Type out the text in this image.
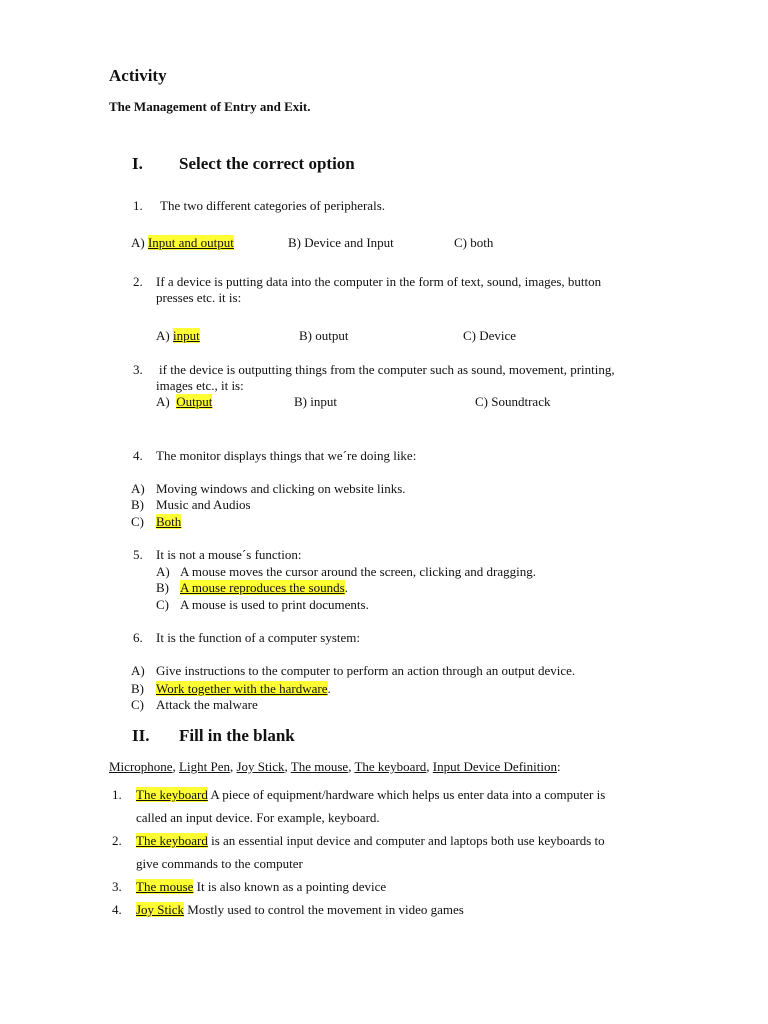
Activity
The Management of Entry and Exit.
I. Select the correct option
1. The two different categories of peripherals.
A) Input and output	B) Device and Input	C) both
2. If a device is putting data into the computer in the form of text, sound, images, button
presses etc. it is:
A) input	B) output	C) Device
3. if the device is outputting things from the computer such as sound, movement, printing,
images etc., it is:
A) Output	B) input	C) Soundtrack
4. The monitor displays things that we´re doing like:
A) Moving windows and clicking on website links.
B) Music and Audios
C) Both
5. It is not a mouse´s function:
A) A mouse moves the cursor around the screen, clicking and dragging.
B) A mouse reproduces the sounds.
C) A mouse is used to print documents.
6. It is the function of a computer system:
A) Give instructions to the computer to perform an action through an output device.
B) Work together with the hardware.
C) Attack the malware
II. Fill in the blank
Microphone, Light Pen, Joy Stick, The mouse, The keyboard, Input Device Definition:
1. The keyboard A piece of equipment/hardware which helps us enter data into a computer is
called an input device. For example, keyboard.
2. The keyboard is an essential input device and computer and laptops both use keyboards to
give commands to the computer
3. The mouse It is also known as a pointing device
4. Joy Stick Mostly used to control the movement in video games
